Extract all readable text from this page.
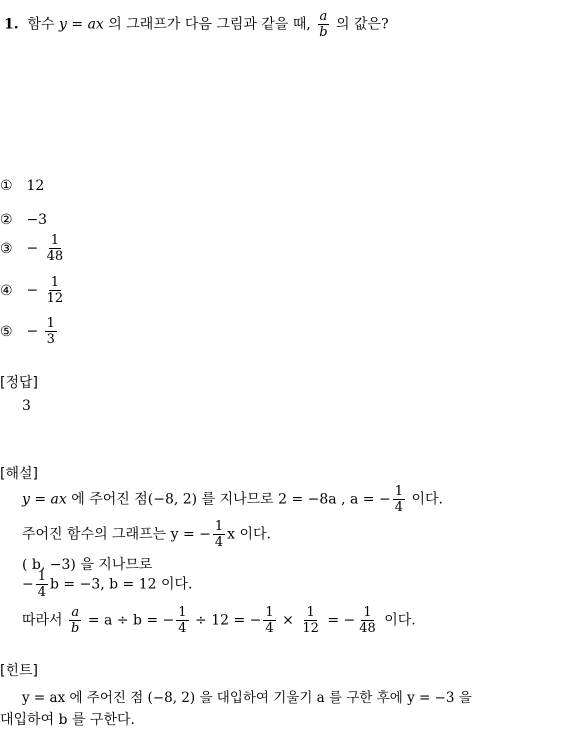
1. 함수 y = ax 의 그래프가 다음 그림과 같을 때, $\frac{a}{b}$ 의 값은?
① 12
② −3
③ − $\frac{1}{48}$
④ − $\frac{1}{12}$
⑤ − $\frac{1}{3}$
[정답]
3
[해설]
y = ax 에 주어진 점(−8, 2) 를 지나므로 2 = −8a , a = − $\frac{1}{4}$ 이다.
주어진 함수의 그래프는 y = − $\frac{1}{4}$ x 이다.
( b, −3) 을 지나므로
− $\frac{1}{4}$ b = −3, b = 12 이다.
따라서 $\frac{a}{b} = a \div b$ = − $\frac{1}{4} \div 12$ = − $\frac{1}{4} \times \frac{1}{12}$ = − $\frac{1}{48}$ 이다.
[힌트]
y = ax 에 주어진 점 (−8, 2) 을 대입하여 기울기 a 를 구한 후에 y = −3 을
대입하여 b 를 구한다.
